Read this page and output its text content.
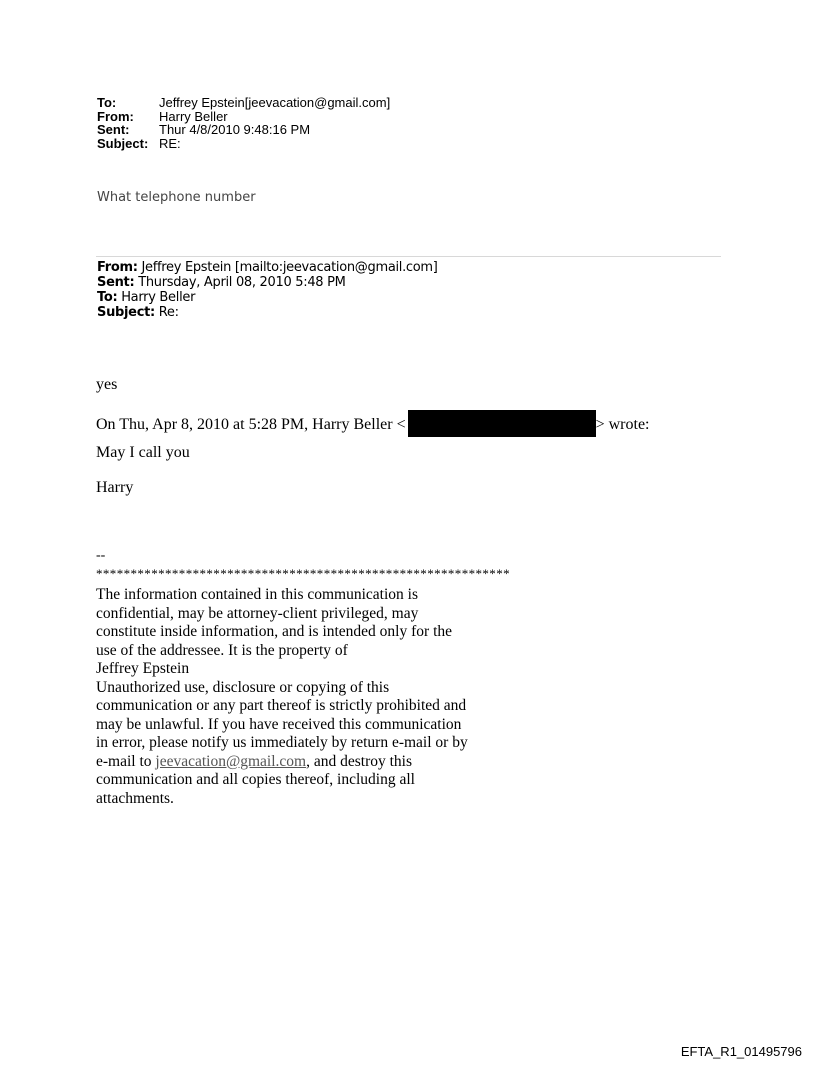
To:	Jeffrey Epstein[jeevacation@gmail.com]
From:	Harry Beller
Sent:	Thur 4/8/2010 9:48:16 PM
Subject: RE:
What telephone number
From: Jeffrey Epstein [mailto:jeevacation@gmail.com]
Sent: Thursday, April 08, 2010 5:48 PM
To: Harry Beller
Subject: Re:
yes
On Thu, Apr 8, 2010 at 5:28 PM, Harry Beller <	> wrote:
May I call you
Harry
--
************************************************************
The information contained in this communication is confidential, may be attorney-client privileged, may constitute inside information, and is intended only for the use of the addressee. It is the property of
Jeffrey Epstein
Unauthorized use, disclosure or copying of this communication or any part thereof is strictly prohibited and may be unlawful. If you have received this communication in error, please notify us immediately by return e-mail or by e-mail to jeevacation@gmail.com, and destroy this communication and all copies thereof, including all attachments.
EFTA_R1_01495796
